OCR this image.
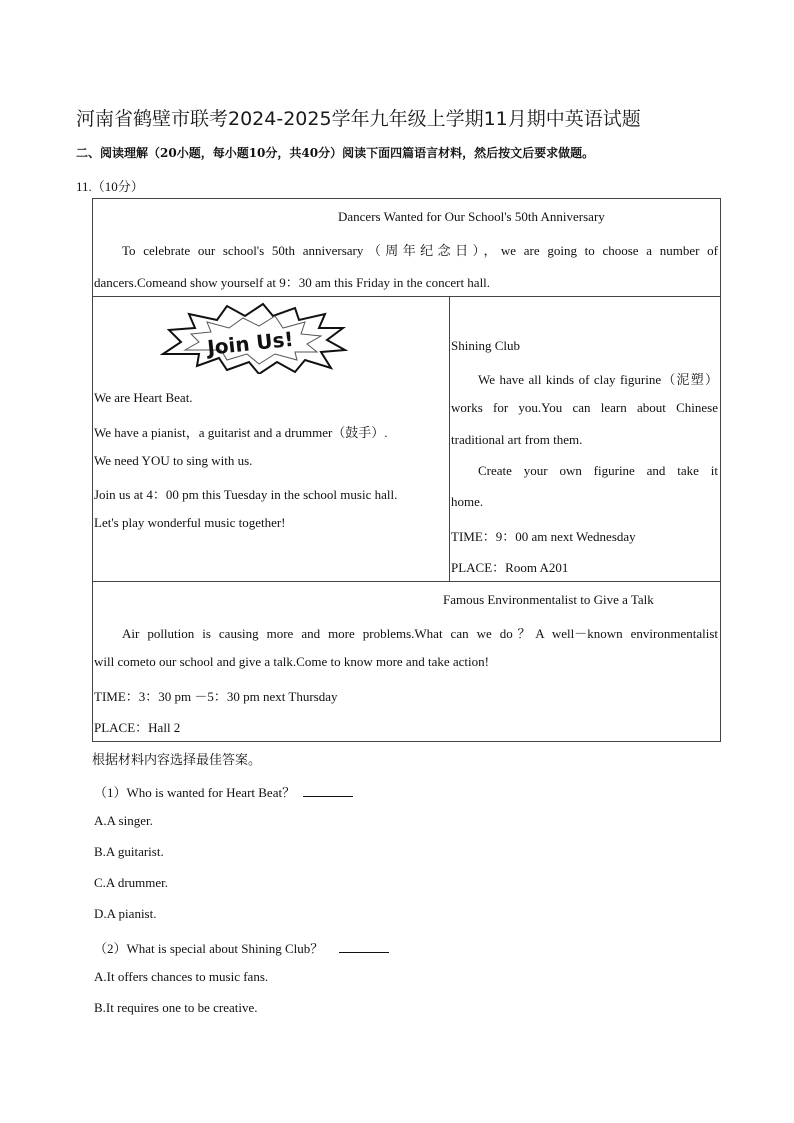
河南省鹤壁市联考2024-2025学年九年级上学期11月期中英语试题
二、阅读理解（20小题，每小题10分，共40分）阅读下面四篇语言材料，然后按文后要求做题。
11.（10分）
Dancers Wanted for Our School's 50th Anniversary
To celebrate our school's 50th anniversary（周年纪念日），we are going to choose a number of
dancers.Comeand show yourself at 9：30 am this Friday in the concert hall.
Join Us!
We are Heart Beat.
We have a pianist，a guitarist and a drummer（鼓手）.
We need YOU to sing with us.
Join us at 4：00 pm this Tuesday in the school music hall.
Let's play wonderful music together!
Shining Club
We have all kinds of clay figurine（泥塑）
works for you.You can learn about Chinese
traditional art from them.
Create your own figurine and take it
home.
TIME：9：00 am next Wednesday
PLACE：Room A201
Famous Environmentalist to Give a Talk
Air pollution is causing more and more problems.What can we do？A well－known environmentalist
will cometo our school and give a talk.Come to know more and take action!
TIME：3：30 pm －5：30 pm next Thursday
PLACE：Hall 2
根据材料内容选择最佳答案。
（1）Who is wanted for Heart Beat？
A.A singer.
B.A guitarist.
C.A drummer.
D.A pianist.
（2）What is special about Shining Club？
A.It offers chances to music fans.
B.It requires one to be creative.
